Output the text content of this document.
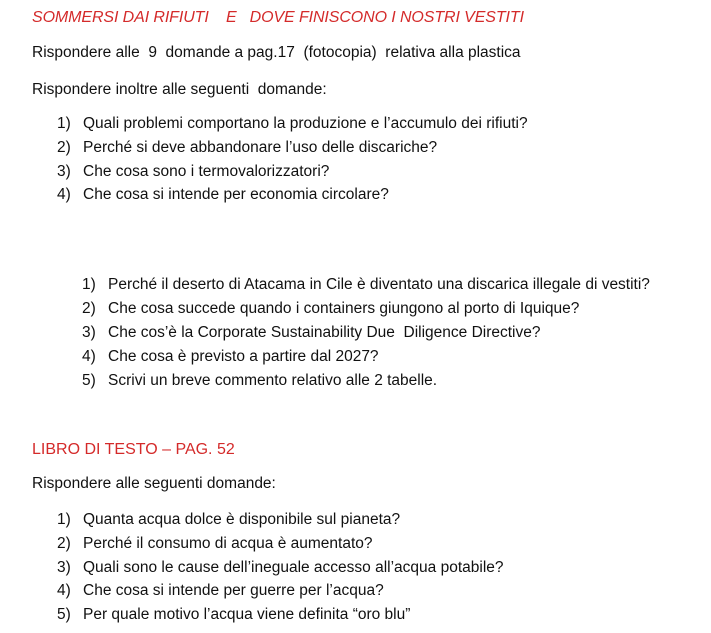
SOMMERSI DAI RIFIUTI    E   DOVE FINISCONO I NOSTRI VESTITI
Rispondere alle  9  domande a pag.17  (fotocopia)  relativa alla plastica
Rispondere inoltre alle seguenti  domande:
1) Quali problemi comportano la produzione e l’accumulo dei rifiuti?
2) Perché si deve abbandonare l’uso delle discariche?
3) Che cosa sono i termovalorizzatori?
4) Che cosa si intende per economia circolare?
1) Perché il deserto di Atacama in Cile è diventato una discarica illegale di vestiti?
2) Che cosa succede quando i containers giungono al porto di Iquique?
3) Che cos’è la Corporate Sustainability Due  Diligence Directive?
4) Che cosa è previsto a partire dal 2027?
5) Scrivi un breve commento relativo alle 2 tabelle.
LIBRO DI TESTO – PAG. 52
Rispondere alle seguenti domande:
1) Quanta acqua dolce è disponibile sul pianeta?
2) Perché il consumo di acqua è aumentato?
3) Quali sono le cause dell’ineguale accesso all’acqua potabile?
4) Che cosa si intende per guerre per l’acqua?
5) Per quale motivo l’acqua viene definita “oro blu”
